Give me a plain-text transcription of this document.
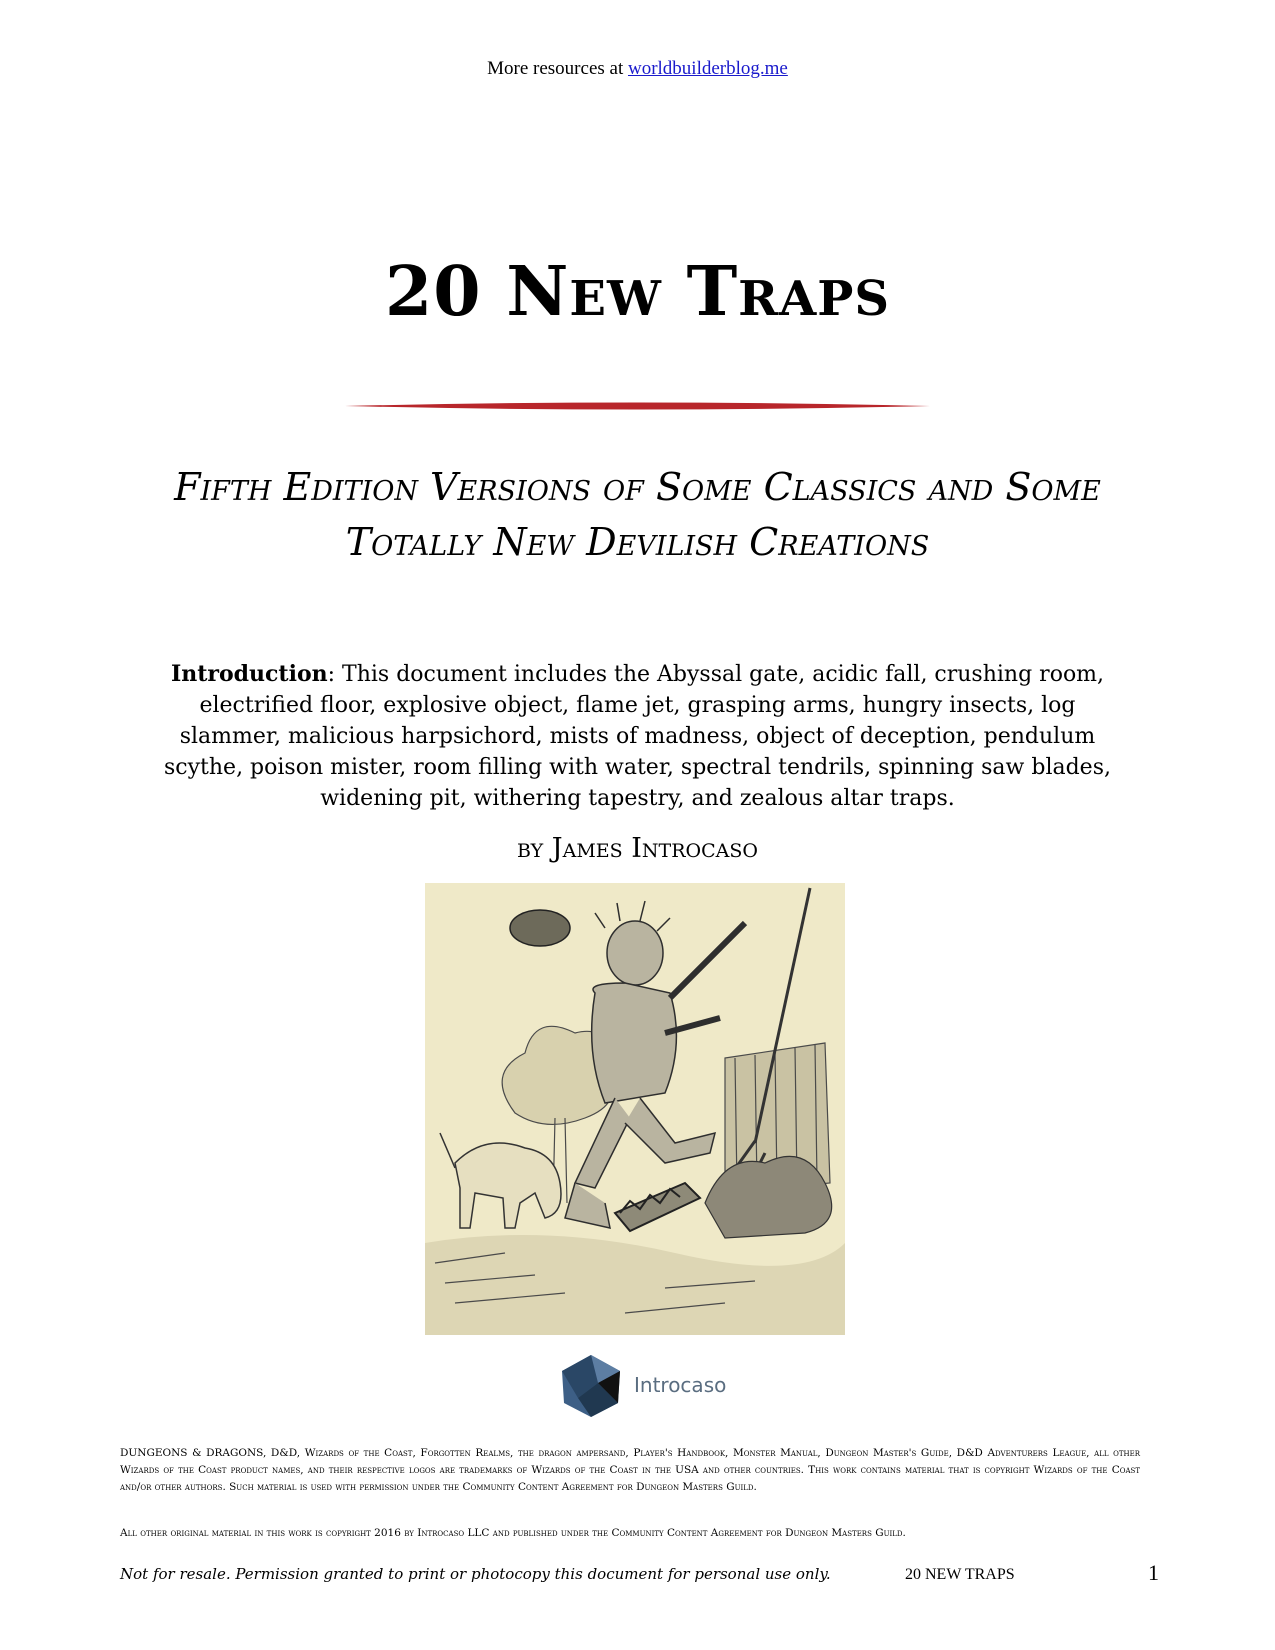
More resources at worldbuilderblog.me
20 New Traps
Fifth Edition Versions of Some Classics and Some Totally New Devilish Creations
Introduction: This document includes the Abyssal gate, acidic fall, crushing room, electrified floor, explosive object, flame jet, grasping arms, hungry insects, log slammer, malicious harpsichord, mists of madness, object of deception, pendulum scythe, poison mister, room filling with water, spectral tendrils, spinning saw blades, widening pit, withering tapestry, and zealous altar traps.
by James Introcaso
Introcaso
DUNGEONS & DRAGONS, D&D, Wizards of the Coast, Forgotten Realms, the dragon ampersand, Player's Handbook, Monster Manual, Dungeon Master's Guide, D&D Adventurers League, all other Wizards of the Coast product names, and their respective logos are trademarks of Wizards of the Coast in the USA and other countries. This work contains material that is copyright Wizards of the Coast and/or other authors. Such material is used with permission under the Community Content Agreement for Dungeon Masters Guild.
All other original material in this work is copyright 2016 by Introcaso LLC and published under the Community Content Agreement for Dungeon Masters Guild.
Not for resale. Permission granted to print or photocopy this document for personal use only.	20 NEW TRAPS	1
